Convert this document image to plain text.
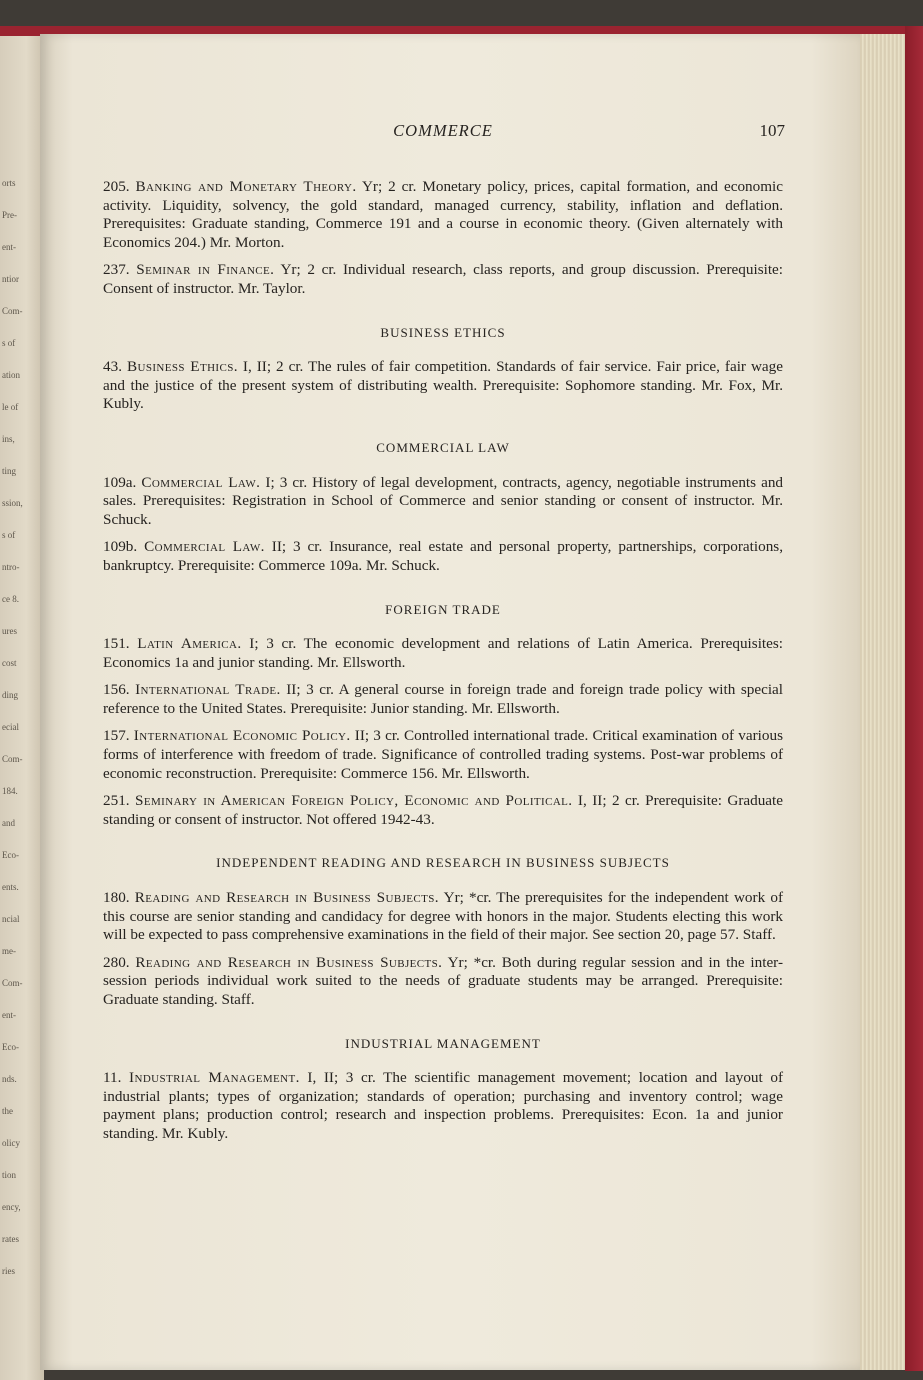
orts
Pre-
ent-
ntior
Com-
s of
ation
le of
ins,
ting
ssion,
s of
ntro-
ce 8.
ures
cost
ding
ecial
Com-
184.
and
Eco-
ents.
ncial
me-
Com-
ent-
Eco-
nds.
the
olicy
tion
ency,
rates
ries
COMMERCE	107

205. Banking and Monetary Theory. Yr; 2 cr. Monetary policy, prices, capital formation, and economic activity. Liquidity, solvency, the gold standard, managed currency, stability, inflation and deflation. Prerequisites: Graduate standing, Commerce 191 and a course in economic theory. (Given alternately with Economics 204.) Mr. Morton.

237. Seminar in Finance. Yr; 2 cr. Individual research, class reports, and group discussion. Prerequisite: Consent of instructor. Mr. Taylor.

BUSINESS ETHICS

43. Business Ethics. I, II; 2 cr. The rules of fair competition. Standards of fair service. Fair price, fair wage and the justice of the present system of distributing wealth. Prerequisite: Sophomore standing. Mr. Fox, Mr. Kubly.

COMMERCIAL LAW

109a. Commercial Law. I; 3 cr. History of legal development, contracts, agency, negotiable instruments and sales. Prerequisites: Registration in School of Commerce and senior standing or consent of instructor. Mr. Schuck.

109b. Commercial Law. II; 3 cr. Insurance, real estate and personal property, partnerships, corporations, bankruptcy. Prerequisite: Commerce 109a. Mr. Schuck.

FOREIGN TRADE

151. Latin America. I; 3 cr. The economic development and relations of Latin America. Prerequisites: Economics 1a and junior standing. Mr. Ellsworth.

156. International Trade. II; 3 cr. A general course in foreign trade and foreign trade policy with special reference to the United States. Prerequisite: Junior standing. Mr. Ellsworth.

157. International Economic Policy. II; 3 cr. Controlled international trade. Critical examination of various forms of interference with freedom of trade. Significance of controlled trading systems. Post-war problems of economic reconstruction. Prerequisite: Commerce 156. Mr. Ellsworth.

251. Seminary in American Foreign Policy, Economic and Political. I, II; 2 cr. Prerequisite: Graduate standing or consent of instructor. Not offered 1942-43.

INDEPENDENT READING AND RESEARCH IN BUSINESS SUBJECTS

180. Reading and Research in Business Subjects. Yr; *cr. The prerequisites for the independent work of this course are senior standing and candidacy for degree with honors in the major. Students electing this work will be expected to pass comprehensive examinations in the field of their major. See section 20, page 57. Staff.

280. Reading and Research in Business Subjects. Yr; *cr. Both during regular session and in the inter-session periods individual work suited to the needs of graduate students may be arranged. Prerequisite: Graduate standing. Staff.

INDUSTRIAL MANAGEMENT

11. Industrial Management. I, II; 3 cr. The scientific management movement; location and layout of industrial plants; types of organization; standards of operation; purchasing and inventory control; wage payment plans; production control; research and inspection problems. Prerequisites: Econ. 1a and junior standing. Mr. Kubly.
